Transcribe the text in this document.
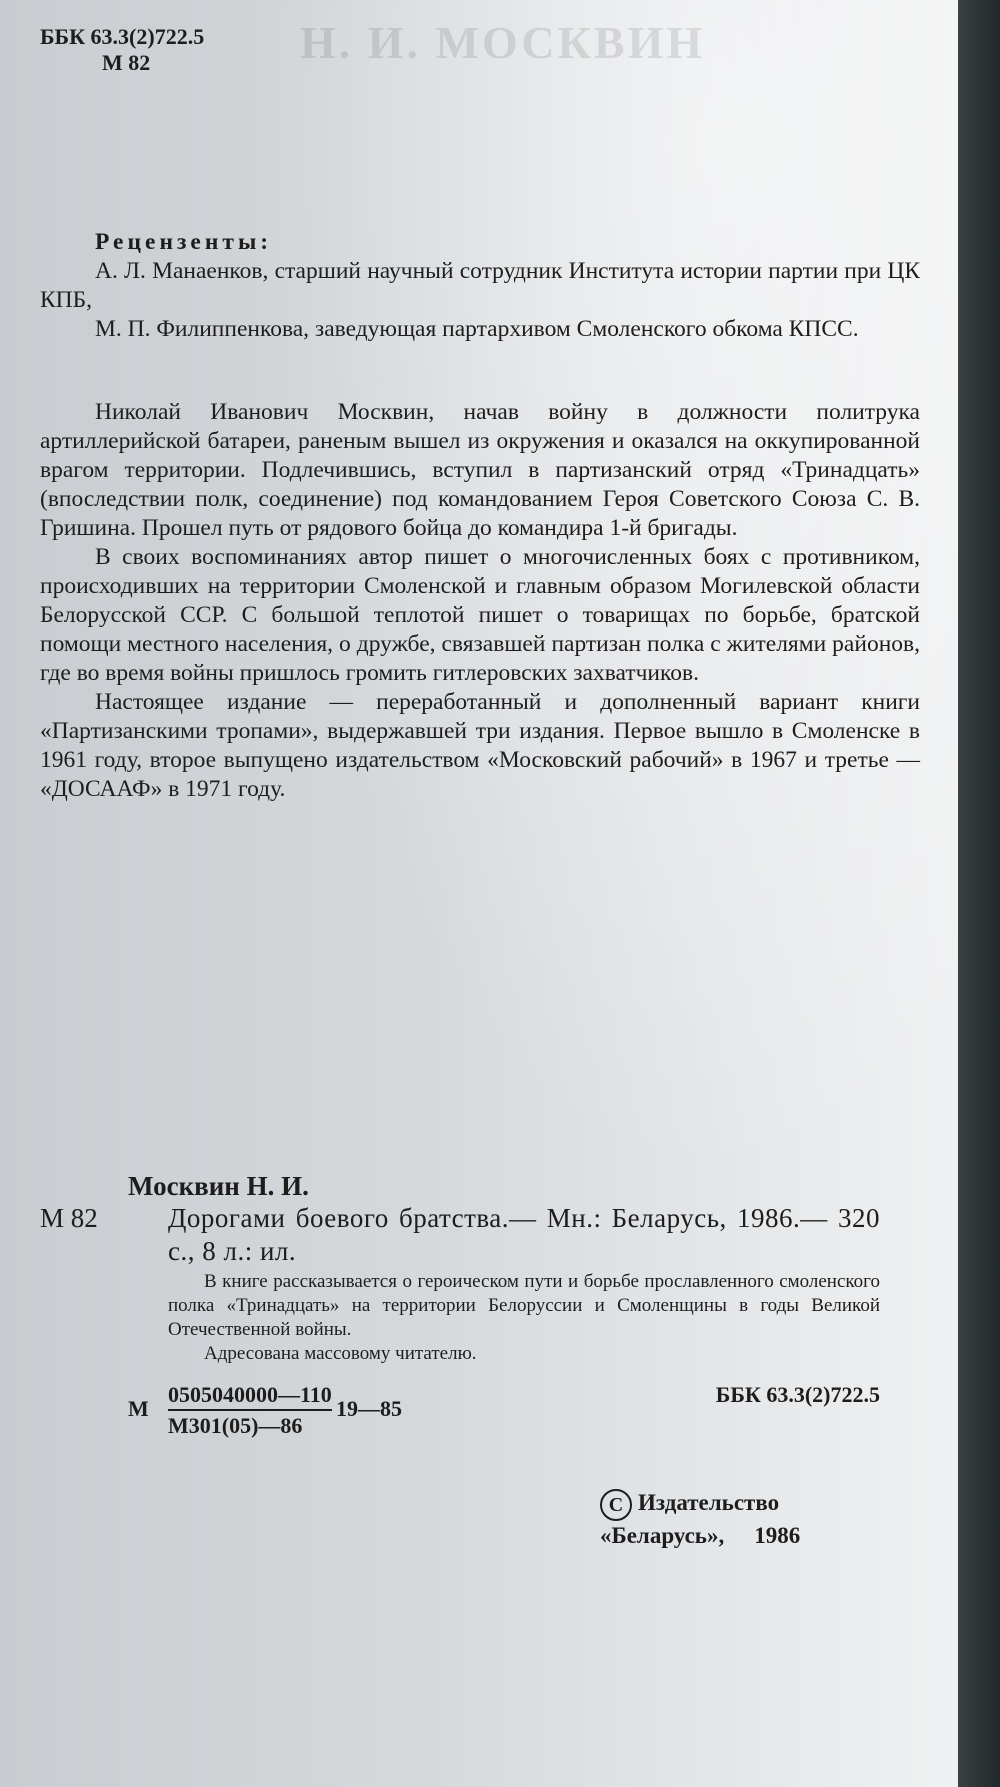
Н. И. МОСКВИН
ББК 63.3(2)722.5
М 82

Рецензенты:

А. Л. Манаенков, старший научный сотрудник Института истории партии при ЦК КПБ,

М. П. Филиппенкова, заведующая партархивом Смоленского обкома КПСС.

Николай Иванович Москвин, начав войну в должности политрука артиллерийской батареи, раненым вышел из окружения и оказался на оккупированной врагом территории. Подлечившись, вступил в партизанский отряд «Тринадцать» (впоследствии полк, соединение) под командованием Героя Советского Союза С. В. Гришина. Прошел путь от рядового бойца до командира 1-й бригады.

В своих воспоминаниях автор пишет о многочисленных боях с противником, происходивших на территории Смоленской и главным образом Могилевской области Белорусской ССР. С большой теплотой пишет о товарищах по борьбе, братской помощи местного населения, о дружбе, связавшей партизан полка с жителями районов, где во время войны пришлось громить гитлеровских захватчиков.

Настоящее издание — переработанный и дополненный вариант книги «Партизанскими тропами», выдержавшей три издания. Первое вышло в Смоленске в 1961 году, второе выпущено издательством «Московский рабочий» в 1967 и третье — «ДОСААФ» в 1971 году.

Москвин Н. И.
М 82	Дорогами боевого братства.— Мн.: Беларусь, 1986.— 320 с., 8 л.: ил.

В книге рассказывается о героическом пути и борьбе прославленного смоленского полка «Тринадцать» на территории Белоруссии и Смоленщины в годы Великой Отечественной войны.

Адресована массовому читателю.

М
0505040000—110
М301(05)—86
19—85
ББК 63.3(2)722.5
C Издательство
«Беларусь», 1986
